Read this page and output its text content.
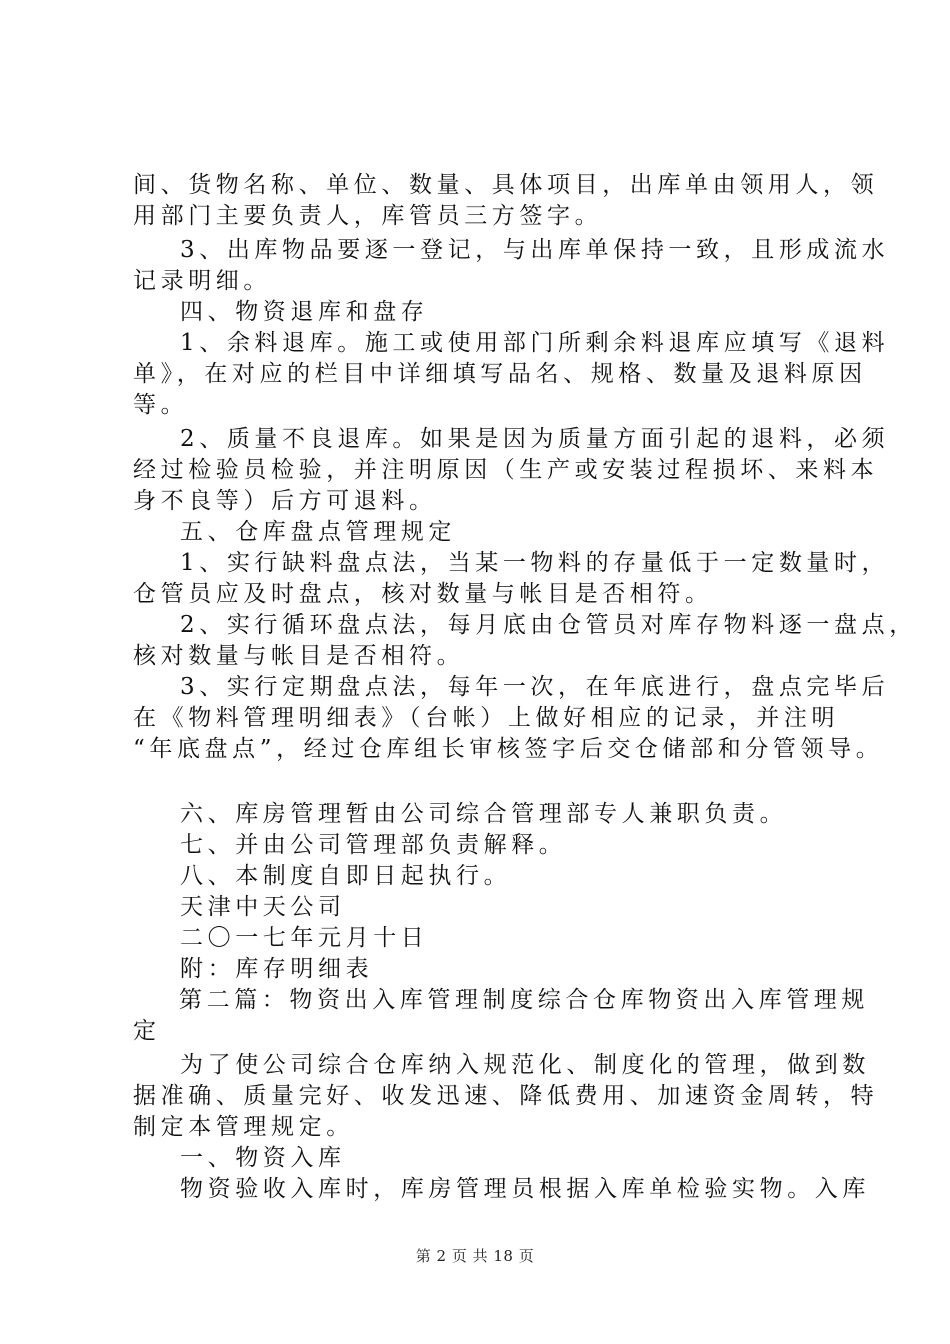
间、货物名称、单位、数量、具体项目，出库单由领用人，领
用部门主要负责人，库管员三方签字。
3、出库物品要逐一登记，与出库单保持一致，且形成流水
记录明细。
四、物资退库和盘存
1、余料退库。施工或使用部门所剩余料退库应填写《退料
单》，在对应的栏目中详细填写品名、规格、数量及退料原因
等。
2、质量不良退库。如果是因为质量方面引起的退料，必须
经过检验员检验，并注明原因（生产或安装过程损坏、来料本
身不良等）后方可退料。
五、仓库盘点管理规定
1、实行缺料盘点法，当某一物料的存量低于一定数量时，
仓管员应及时盘点，核对数量与帐目是否相符。
2、实行循环盘点法，每月底由仓管员对库存物料逐一盘点，
核对数量与帐目是否相符。
3、实行定期盘点法，每年一次，在年底进行，盘点完毕后
在《物料管理明细表》（台帐）上做好相应的记录，并注明
“年底盘点”，经过仓库组长审核签字后交仓储部和分管领导。
六、库房管理暂由公司综合管理部专人兼职负责。
七、并由公司管理部负责解释。
八、本制度自即日起执行。
天津中天公司
二〇一七年元月十日
附：库存明细表
第二篇：物资出入库管理制度综合仓库物资出入库管理规
定
为了使公司综合仓库纳入规范化、制度化的管理，做到数
据准确、质量完好、收发迅速、降低费用、加速资金周转，特
制定本管理规定。
一、物资入库
物资验收入库时，库房管理员根据入库单检验实物。入库
第 2 页 共 18 页
